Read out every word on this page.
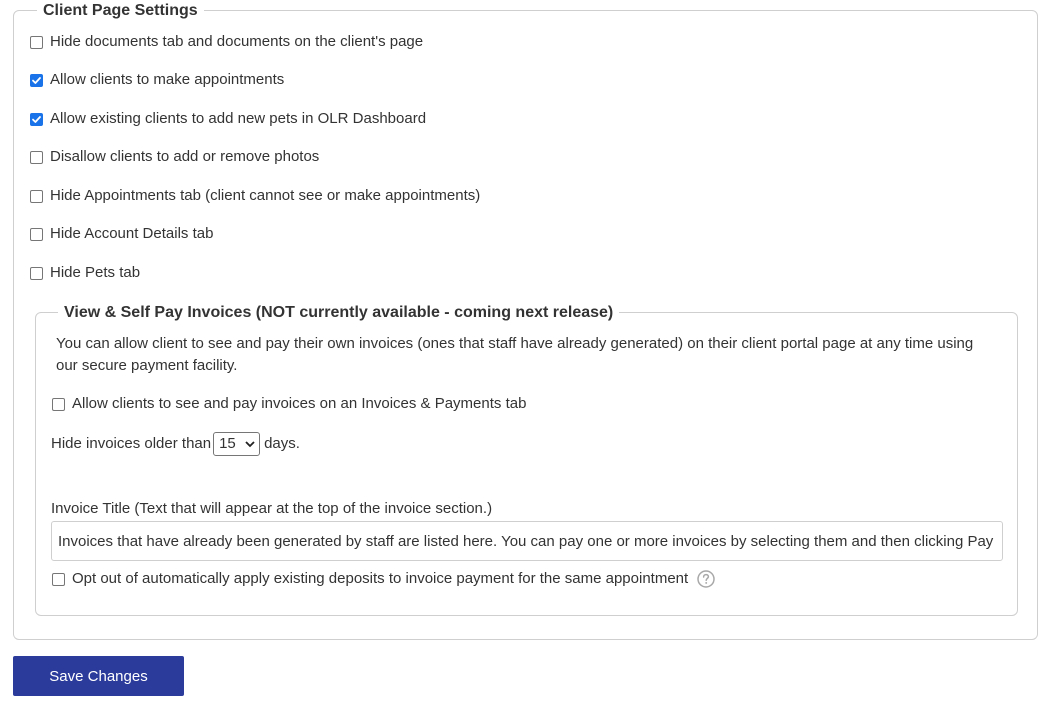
Client Page Settings
Hide documents tab and documents on the client's page
Allow clients to make appointments
Allow existing clients to add new pets in OLR Dashboard
Disallow clients to add or remove photos
Hide Appointments tab (client cannot see or make appointments)
Hide Account Details tab
Hide Pets tab
View & Self Pay Invoices (NOT currently available - coming next release)
You can allow client to see and pay their own invoices (ones that staff have already generated) on their client portal page at any time using our secure payment facility.
Allow clients to see and pay invoices on an Invoices & Payments tab
Hide invoices older than 15 days.
Invoice Title (Text that will appear at the top of the invoice section.)
Invoices that have already been generated by staff are listed here. You can pay one or more invoices by selecting them and then clicking Pay Now.
Opt out of automatically apply existing deposits to invoice payment for the same appointment
Save Changes
